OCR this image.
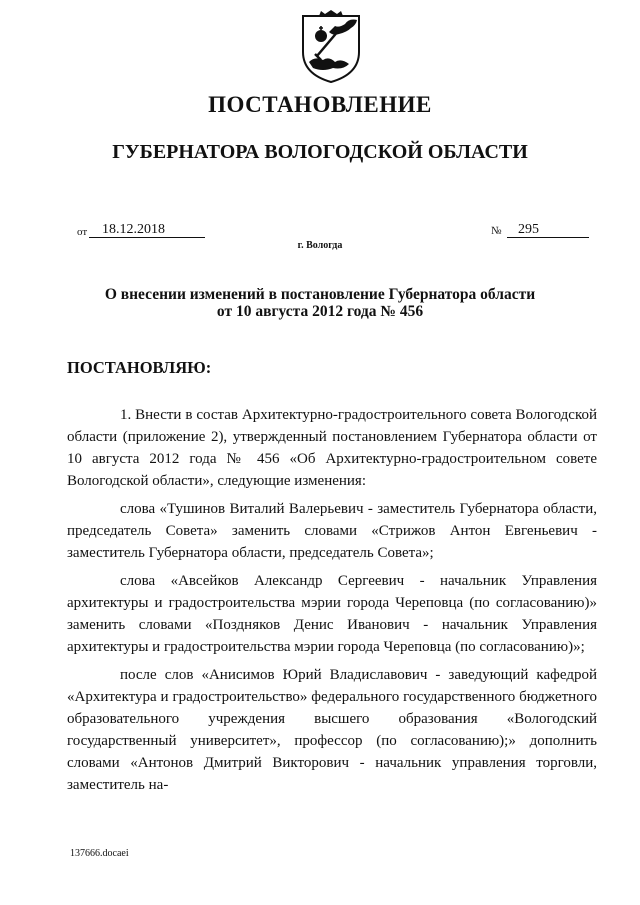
ПОСТАНОВЛЕНИЕ
ГУБЕРНАТОРА ВОЛОГОДСКОЙ ОБЛАСТИ
от	18.12.2018	№	295
г. Вологда
О внесении изменений в постановление Губернатора области
от 10 августа 2012 года № 456
ПОСТАНОВЛЯЮ:

1. Внести в состав Архитектурно-градостроительного совета Вологодской области (приложение 2), утвержденный постановлением Губернатора области от 10 августа 2012 года № 456 «Об Архитектурно-градостроительном совете Вологодской области», следующие изменения:

слова «Тушинов Виталий Валерьевич - заместитель Губернатора области, председатель Совета» заменить словами «Стрижов Антон Евгеньевич - заместитель Губернатора области, председатель Совета»;

слова «Авсейков Александр Сергеевич - начальник Управления архитектуры и градостроительства мэрии города Череповца (по согласованию)» заменить словами «Поздняков Денис Иванович - начальник Управления архитектуры и градостроительства мэрии города Череповца (по согласованию)»;

после слов «Анисимов Юрий Владиславович - заведующий кафедрой «Архитектура и градостроительство» федерального государственного бюджетного образовательного учреждения высшего образования «Вологодский государственный университет», профессор (по согласованию);» дополнить словами «Антонов Дмитрий Викторович - начальник управления торговли, заместитель на-

137666.docaei
